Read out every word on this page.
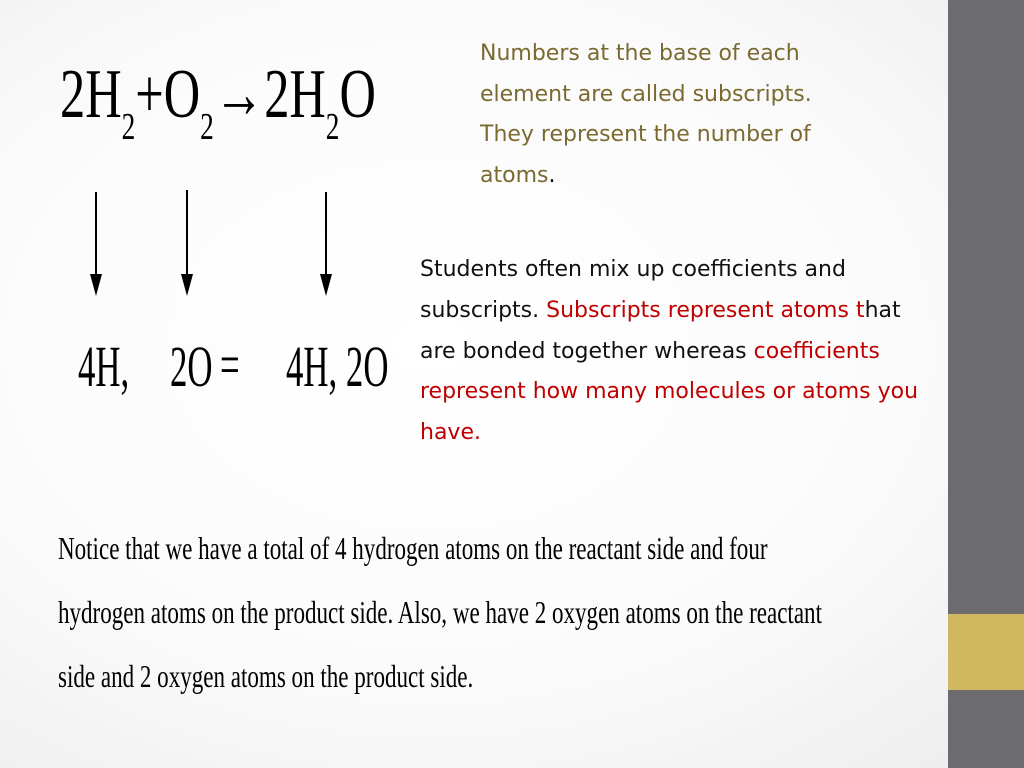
$2H_2+O_2\to 2H_2O$
4H, 2O = 4H, 2O
Numbers at the base of each element are called subscripts. They represent the number of atoms.
Students often mix up coefficients and subscripts. Subscripts represent atoms that are bonded together whereas coefficients represent how many molecules or atoms you have.
Notice that we have a total of 4 hydrogen atoms on the reactant side and four hydrogen atoms on the product side. Also, we have 2 oxygen atoms on the reactant side and 2 oxygen atoms on the product side.
